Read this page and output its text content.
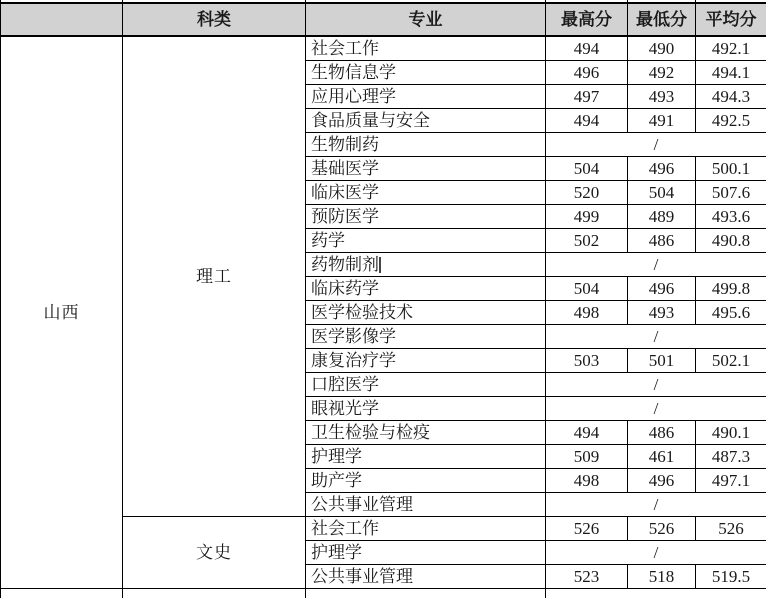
	科类	专业	最高分	最低分	平均分
山西	理工	社会工作	494	490	492.1
		生物信息学	496	492	494.1
		应用心理学	497	493	494.3
		食品质量与安全	494	491	492.5
		生物制药	/		
		基础医学	504	496	500.1
		临床医学	520	504	507.6
		预防医学	499	489	493.6
		药学	502	486	490.8
		药物制剂	/		
		临床药学	504	496	499.8
		医学检验技术	498	493	495.6
		医学影像学	/		
		康复治疗学	503	501	502.1
		口腔医学	/		
		眼视光学	/		
		卫生检验与检疫	494	486	490.1
		护理学	509	461	487.3
		助产学	498	496	497.1
		公共事业管理	/		
	文史	社会工作	526	526	526
		护理学	/		
		公共事业管理	523	518	519.5
